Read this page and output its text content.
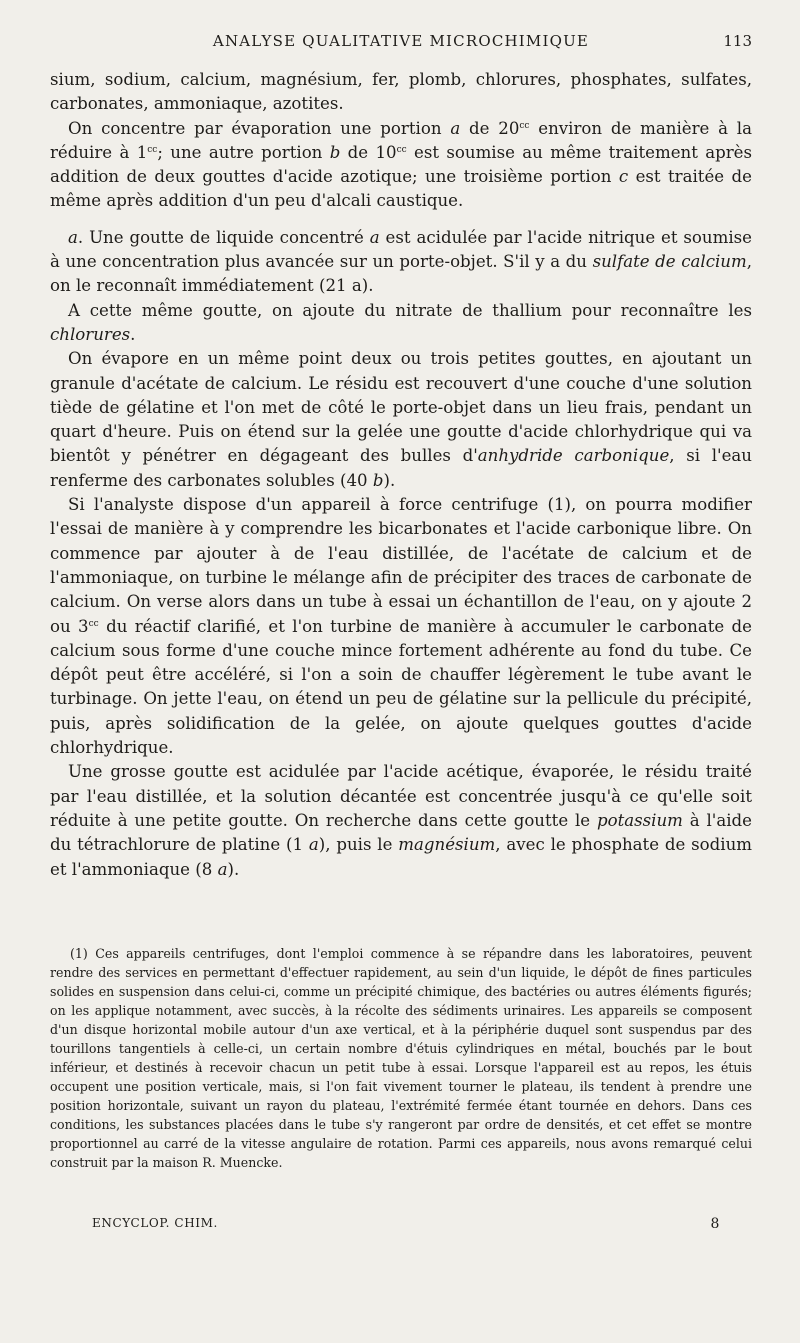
ANALYSE QUALITATIVE MICROCHIMIQUE	113

sium, sodium, calcium, magnésium, fer, plomb, chlorures, phosphates, sulfates, carbonates, ammoniaque, azotites.

On concentre par évaporation une portion a de $20^{cc}$ environ de manière à la réduire à $1^{cc}$; une autre portion b de $10^{cc}$ est soumise au même traitement après addition de deux gouttes d'acide azotique; une troisième portion c est traitée de même après addition d'un peu d'alcali caustique.

a. Une goutte de liquide concentré a est acidulée par l'acide nitrique et soumise à une concentration plus avancée sur un porte-objet. S'il y a du sulfate de calcium, on le reconnaît immédiatement (21 a).

A cette même goutte, on ajoute du nitrate de thallium pour reconnaître les chlorures.

On évapore en un même point deux ou trois petites gouttes, en ajoutant un granule d'acétate de calcium. Le résidu est recouvert d'une couche d'une solution tiède de gélatine et l'on met de côté le porte-objet dans un lieu frais, pendant un quart d'heure. Puis on étend sur la gelée une goutte d'acide chlorhydrique qui va bientôt y pénétrer en dégageant des bulles d'anhydride carbonique, si l'eau renferme des carbonates solubles (40 b).

Si l'analyste dispose d'un appareil à force centrifuge (1), on pourra modifier l'essai de manière à y comprendre les bicarbonates et l'acide carbonique libre. On commence par ajouter à de l'eau distillée, de l'acétate de calcium et de l'ammoniaque, on turbine le mélange afin de précipiter des traces de carbonate de calcium. On verse alors dans un tube à essai un échantillon de l'eau, on y ajoute 2 ou $3^{cc}$ du réactif clarifié, et l'on turbine de manière à accumuler le carbonate de calcium sous forme d'une couche mince fortement adhérente au fond du tube. Ce dépôt peut être accéléré, si l'on a soin de chauffer légèrement le tube avant le turbinage. On jette l'eau, on étend un peu de gélatine sur la pellicule du précipité, puis, après solidification de la gelée, on ajoute quelques gouttes d'acide chlorhydrique.

Une grosse goutte est acidulée par l'acide acétique, évaporée, le résidu traité par l'eau distillée, et la solution décantée est concentrée jusqu'à ce qu'elle soit réduite à une petite goutte. On recherche dans cette goutte le potassium à l'aide du tétrachlorure de platine (1 a), puis le magnésium, avec le phosphate de sodium et l'ammoniaque (8 a).

(1) Ces appareils centrifuges, dont l'emploi commence à se répandre dans les laboratoires, peuvent rendre des services en permettant d'effectuer rapidement, au sein d'un liquide, le dépôt de fines particules solides en suspension dans celui-ci, comme un précipité chimique, des bactéries ou autres éléments figurés; on les applique notamment, avec succès, à la récolte des sédiments urinaires. Les appareils se composent d'un disque horizontal mobile autour d'un axe vertical, et à la périphérie duquel sont suspendus par des tourillons tangentiels à celle-ci, un certain nombre d'étuis cylindriques en métal, bouchés par le bout inférieur, et destinés à recevoir chacun un petit tube à essai. Lorsque l'appareil est au repos, les étuis occupent une position verticale, mais, si l'on fait vivement tourner le plateau, ils tendent à prendre une position horizontale, suivant un rayon du plateau, l'extrémité fermée étant tournée en dehors. Dans ces conditions, les substances placées dans le tube s'y rangeront par ordre de densités, et cet effet se montre proportionnel au carré de la vitesse angulaire de rotation. Parmi ces appareils, nous avons remarqué celui construit par la maison R. Muencke.

ENCYCLOP. CHIM.	8
